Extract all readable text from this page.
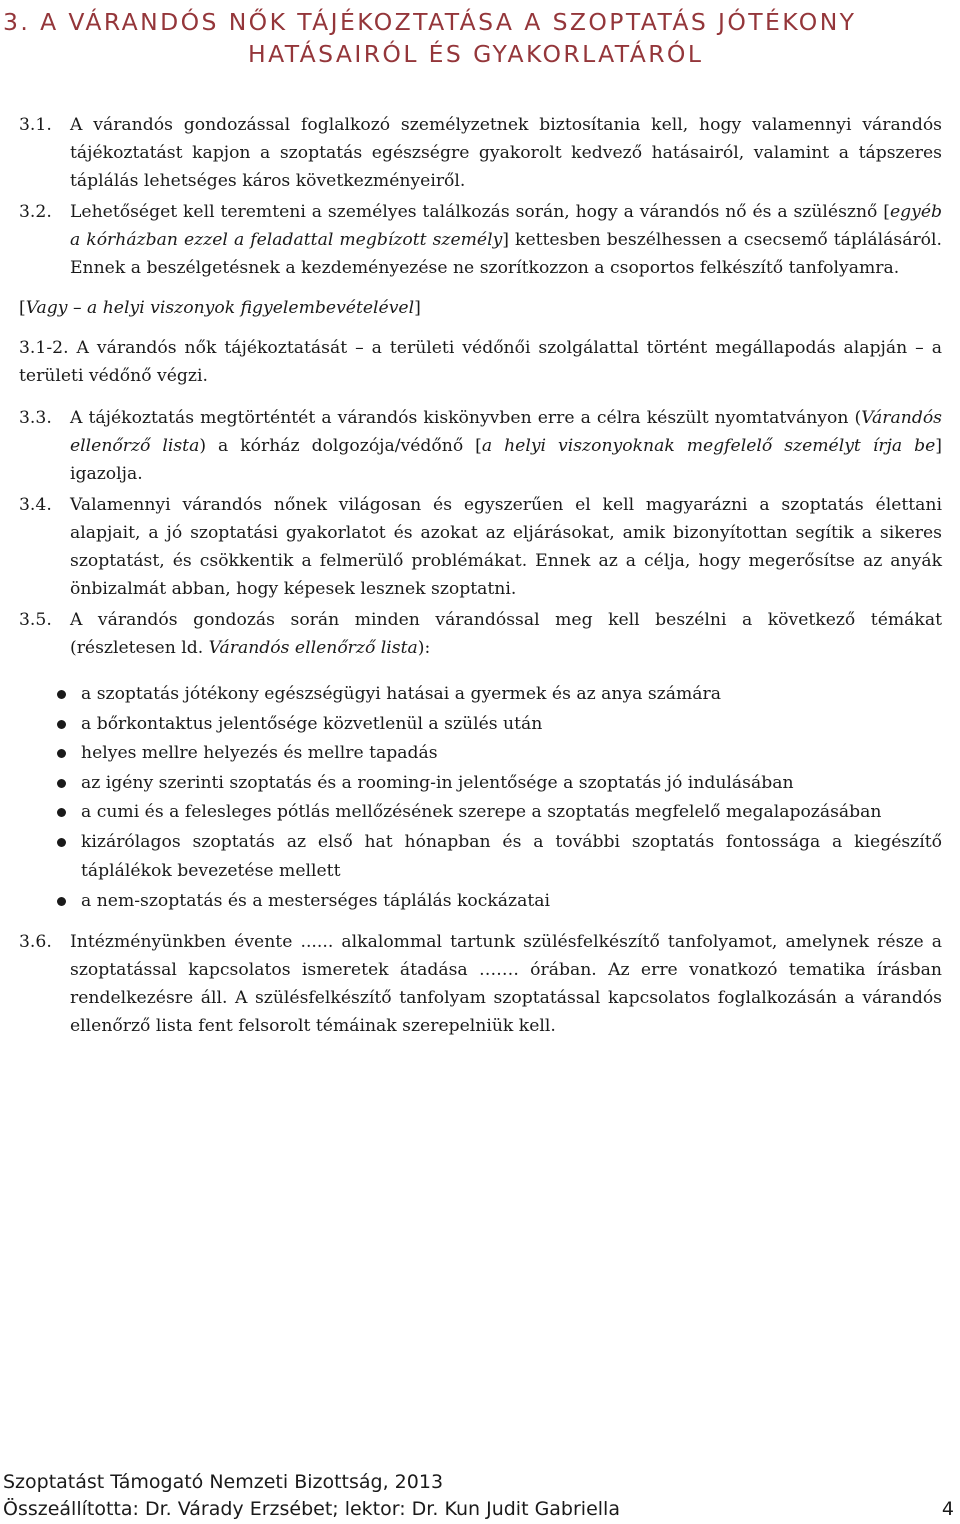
3. A VÁRANDÓS NŐK TÁJÉKOZTATÁSA A SZOPTATÁS JÓTÉKONY
HATÁSAIRÓL ÉS GYAKORLATÁRÓL
3.1. A várandós gondozással foglalkozó személyzetnek biztosítania kell, hogy valamennyi várandós tájékoztatást kapjon a szoptatás egészségre gyakorolt kedvező hatásairól, valamint a tápszeres táplálás lehetséges káros következményeiről.
3.2. Lehetőséget kell teremteni a személyes találkozás során, hogy a várandós nő és a szülésznő [egyéb a kórházban ezzel a feladattal megbízott személy] kettesben beszélhessen a csecsemő táplálásáról. Ennek a beszélgetésnek a kezdeményezése ne szorítkozzon a csoportos felkészítő tanfolyamra.
[Vagy – a helyi viszonyok figyelembevételével]
3.1-2. A várandós nők tájékoztatását – a területi védőnői szolgálattal történt megállapodás alapján – a területi védőnő végzi.
3.3. A tájékoztatás megtörténtét a várandós kiskönyvben erre a célra készült nyomtatványon (Várandós ellenőrző lista) a kórház dolgozója/védőnő [a helyi viszonyoknak megfelelő személyt írja be] igazolja.
3.4. Valamennyi várandós nőnek világosan és egyszerűen el kell magyarázni a szoptatás élettani alapjait, a jó szoptatási gyakorlatot és azokat az eljárásokat, amik bizonyítottan segítik a sikeres szoptatást, és csökkentik a felmerülő problémákat. Ennek az a célja, hogy megerősítse az anyák önbizalmát abban, hogy képesek lesznek szoptatni.
3.5. A várandós gondozás során minden várandóssal meg kell beszélni a következő témákat (részletesen ld. Várandós ellenőrző lista):
a szoptatás jótékony egészségügyi hatásai a gyermek és az anya számára
a bőrkontaktus jelentősége közvetlenül a szülés után
helyes mellre helyezés és mellre tapadás
az igény szerinti szoptatás és a rooming-in jelentősége a szoptatás jó indulásában
a cumi és a felesleges pótlás mellőzésének szerepe a szoptatás megfelelő megalapozásában
kizárólagos szoptatás az első hat hónapban és a további szoptatás fontossága a kiegészítő táplálékok bevezetése mellett
a nem-szoptatás és a mesterséges táplálás kockázatai
3.6. Intézményünkben évente ...... alkalommal tartunk szülésfelkészítő tanfolyamot, amelynek része a szoptatással kapcsolatos ismeretek átadása ……. órában. Az erre vonatkozó tematika írásban rendelkezésre áll. A szülésfelkészítő tanfolyam szoptatással kapcsolatos foglalkozásán a várandós ellenőrző lista fent felsorolt témáinak szerepelniük kell.
Szoptatást Támogató Nemzeti Bizottság, 2013
Összeállította: Dr. Várady Erzsébet; lektor: Dr. Kun Judit Gabriella	4
